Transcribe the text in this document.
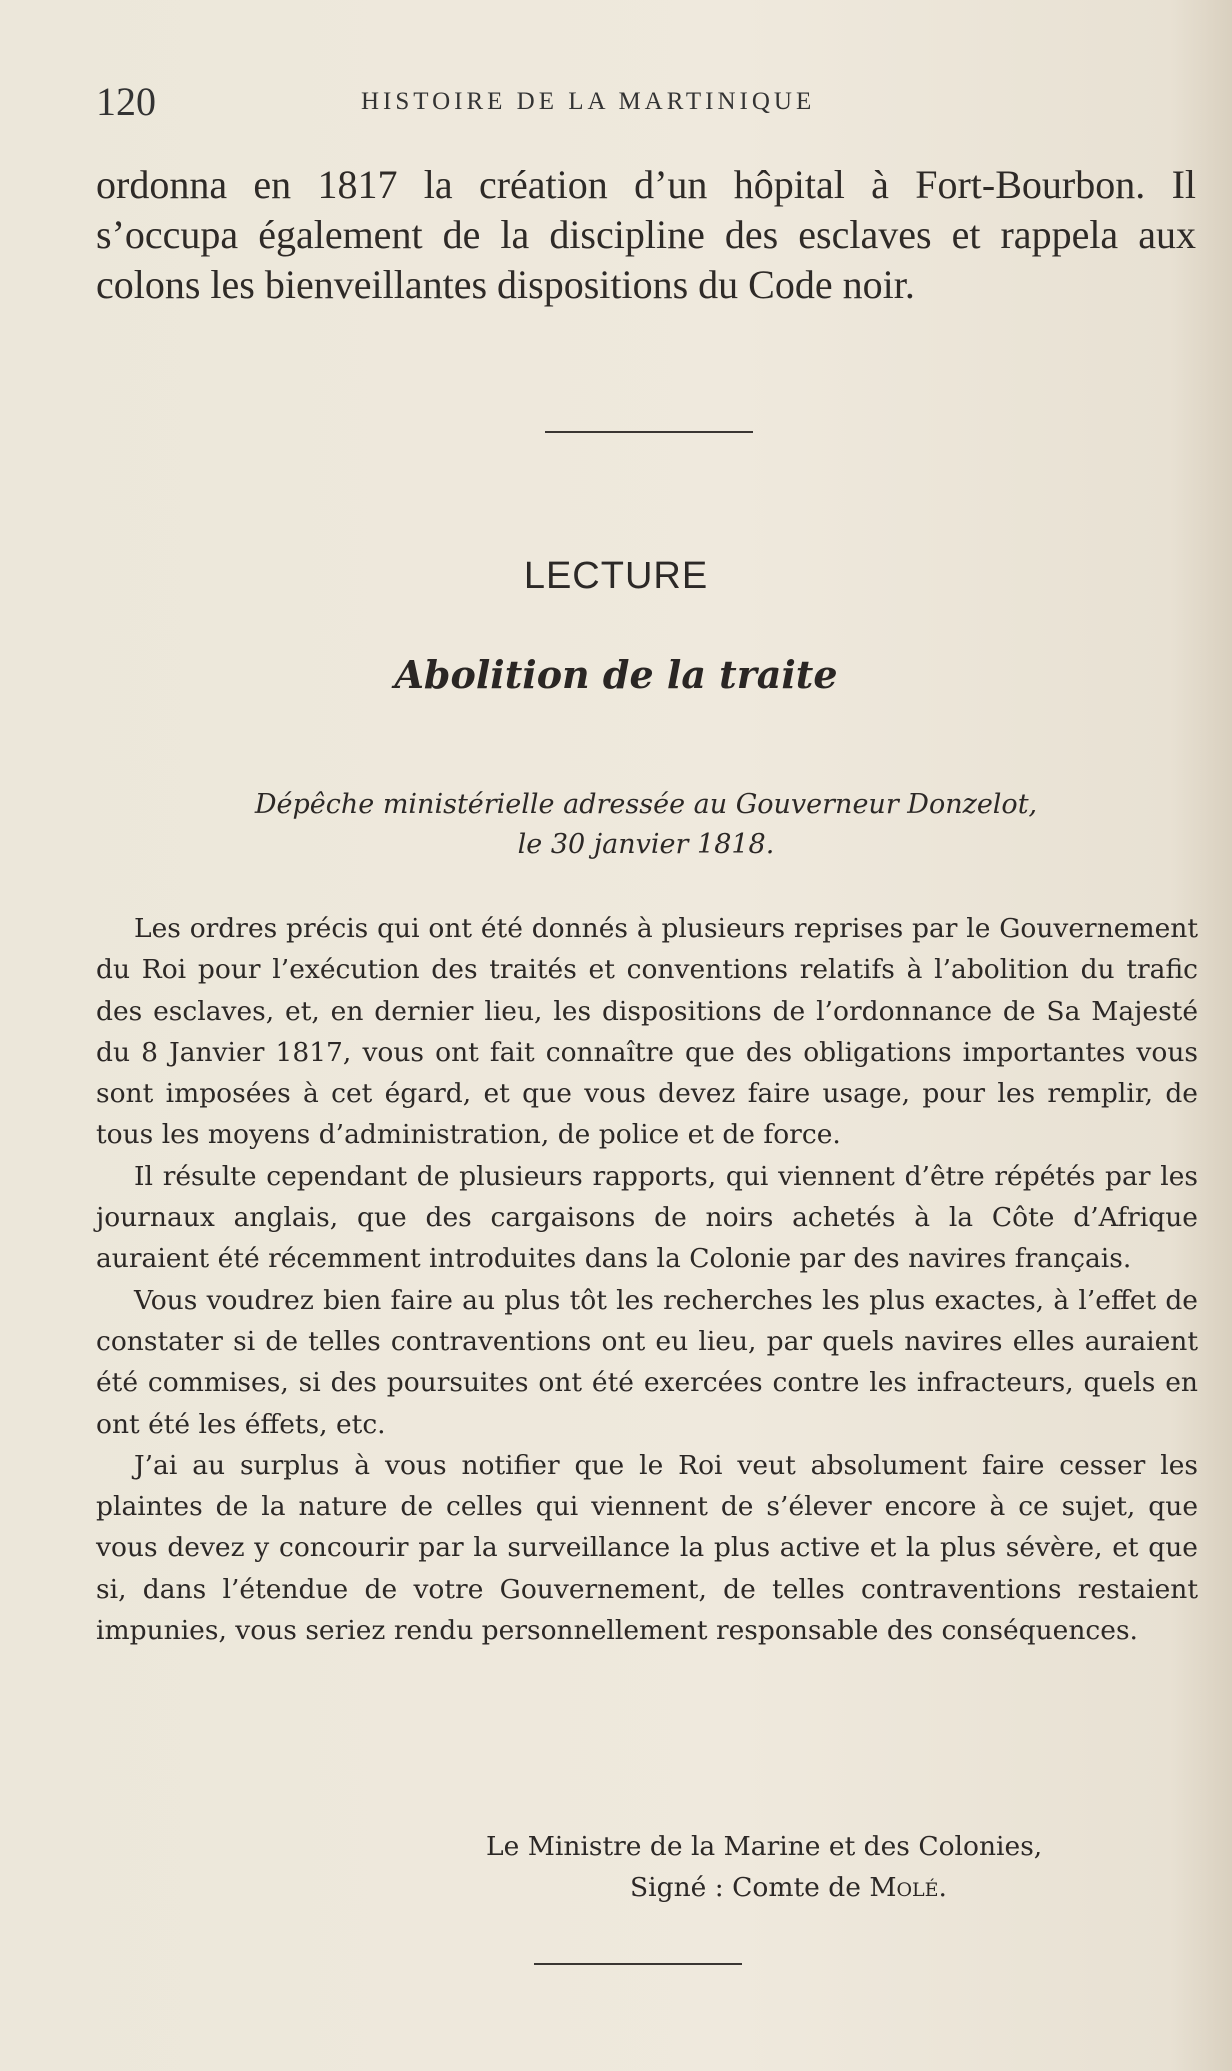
120	HISTOIRE DE LA MARTINIQUE
ordonna en 1817 la création d’un hôpital à Fort-Bourbon. Il s’occupa également de la discipline des esclaves et rappela aux colons les bienveillantes dispositions du Code noir.
LECTURE
Abolition de la traite
Dépêche ministérielle adressée au Gouverneur Donzelot,
le 30 janvier 1818.

Les ordres précis qui ont été donnés à plusieurs reprises par le Gouvernement du Roi pour l’exécution des traités et conventions relatifs à l’abolition du trafic des esclaves, et, en dernier lieu, les dispositions de l’ordonnance de Sa Majesté du 8 Janvier 1817, vous ont fait connaître que des obligations importantes vous sont imposées à cet égard, et que vous devez faire usage, pour les remplir, de tous les moyens d’administration, de police et de force.

Il résulte cependant de plusieurs rapports, qui viennent d’être répétés par les journaux anglais, que des cargaisons de noirs achetés à la Côte d’Afrique auraient été récemment introduites dans la Colonie par des navires français.

Vous voudrez bien faire au plus tôt les recherches les plus exactes, à l’effet de constater si de telles contraventions ont eu lieu, par quels navires elles auraient été commises, si des poursuites ont été exercées contre les infracteurs, quels en ont été les éffets, etc.

J’ai au surplus à vous notifier que le Roi veut absolument faire cesser les plaintes de la nature de celles qui viennent de s’élever encore à ce sujet, que vous devez y concourir par la surveillance la plus active et la plus sévère, et que si, dans l’étendue de votre Gouvernement, de telles contraventions restaient impunies, vous seriez rendu personnellement responsable des conséquences.

Le Ministre de la Marine et des Colonies,
Signé : Comte de Molé.
